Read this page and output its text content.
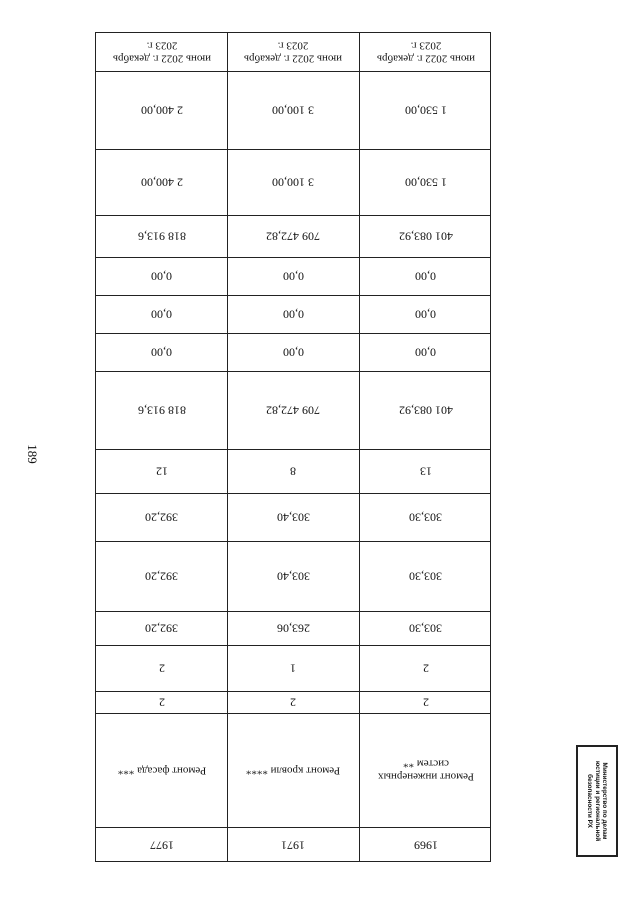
189
Министерство по делам
юстиции и региональной
безопасности РХ
июнь 2022 г. декабрь 2023 г.
2 400,00
2 400,00
818 913,6
0,00
0,00
0,00
818 913,6
12
392,20
392,20
392,20
2
2
Ремонт фасада ***
1977
июнь 2022 г. декабрь 2023 г.
3 100,00
3 100,00
709 472,82
0,00
0,00
0,00
709 472,82
8
303,40
303,40
263,06
1
2
Ремонт кровли ****
1971
июнь 2022 г. декабрь 2023 г.
1 530,00
1 530,00
401 083,92
0,00
0,00
0,00
401 083,92
13
303,30
303,30
303,30
2
2
Ремонт инженерных систем **
1969
